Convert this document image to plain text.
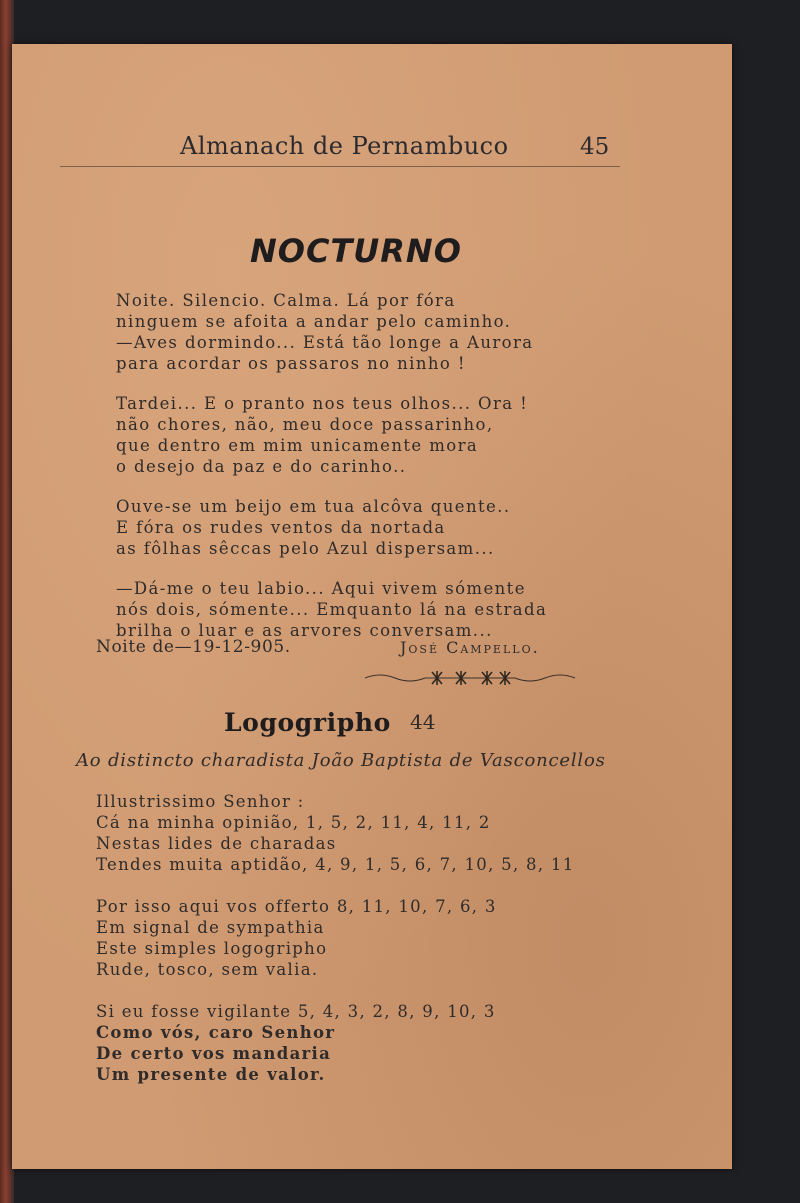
Almanach de Pernambuco	45
NOCTURNO
Noite. Silencio. Calma. Lá por fóra
ninguem se afoita a andar pelo caminho.
—Aves dormindo... Está tão longe a Aurora
para acordar os passaros no ninho !
Tardei... E o pranto nos teus olhos... Ora !
não chores, não, meu doce passarinho,
que dentro em mim unicamente mora
o desejo da paz e do carinho..
Ouve-se um beijo em tua alcôva quente..
E fóra os rudes ventos da nortada
as fôlhas sêccas pelo Azul dispersam...
—Dá-me o teu labio... Aqui vivem sómente
nós dois, sómente... Emquanto lá na estrada
brilha o luar e as arvores conversam...
Noite de—19-12-905.	José Campello.
Logogripho 44
Ao distincto charadista João Baptista de Vasconcellos
Illustrissimo Senhor :
Cá na minha opinião, 1, 5, 2, 11, 4, 11, 2
Nestas lides de charadas
Tendes muita aptidão, 4, 9, 1, 5, 6, 7, 10, 5, 8, 11
Por isso aqui vos offerto 8, 11, 10, 7, 6, 3
Em signal de sympathia
Este simples logogripho
Rude, tosco, sem valia.
Si eu fosse vigilante 5, 4, 3, 2, 8, 9, 10, 3
Como vós, caro Senhor
De certo vos mandaria
Um presente de valor.
